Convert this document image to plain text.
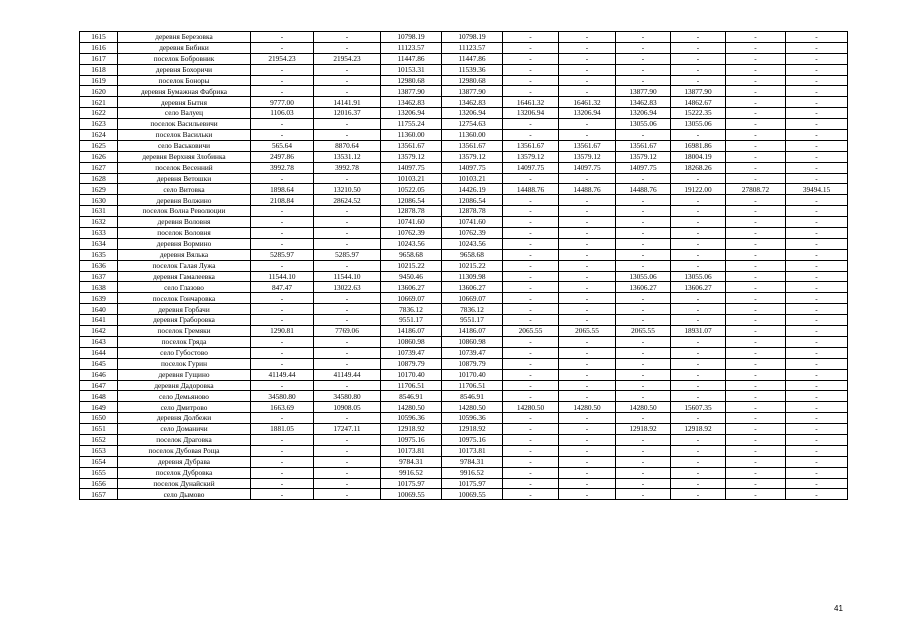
1615	деревня Березовка	-	-	10798.19	10798.19	-	-	-	-	-	-
1616	деревня Бибики	-	-	11123.57	11123.57	-	-	-	-	-	-
1617	поселок Бобровник	21954.23	21954.23	11447.86	11447.86	-	-	-	-	-	-
1618	деревня Бохоричи	-	-	10153.31	11539.36	-	-	-	-	-	-
1619	поселок Боноры	-	-	12980.68	12980.68	-	-	-	-	-	-
1620	деревня Бумажная Фабрика	-	-	13877.90	13877.90	-	-	13877.90	13877.90	-	-
1621	деревня Бытня	9777.00	14141.91	13462.83	13462.83	16461.32	16461.32	13462.83	14862.67	-	-
1622	село Валуец	1106.03	12016.37	13206.94	13206.94	13206.94	13206.94	13206.94	15222.35	-	-
1623	поселок Васильевичи	-	-	11755.24	12754.63	-	-	13055.06	13055.06	-	-
1624	поселок Васильки	-	-	11360.00	11360.00	-	-	-	-	-	-
1625	село Васьковичи	565.64	8870.64	13561.67	13561.67	13561.67	13561.67	13561.67	16981.86	-	-
1626	деревня Верхняя Злобинка	2497.86	13531.12	13579.12	13579.12	13579.12	13579.12	13579.12	18004.19	-	-
1627	поселок Весенний	3992.78	3992.78	14097.75	14097.75	14097.75	14097.75	14097.75	18268.26	-	-
1628	деревня Ветошки	-	-	10103.21	10103.21	-	-	-	-	-	-
1629	село Витовка	1898.64	13210.50	10522.05	14426.19	14488.76	14488.76	14488.76	19122.00	27808.72	39494.15
1630	деревня Волжино	2108.84	28624.52	12086.54	12086.54	-	-	-	-	-	-
1631	поселок Волна Революции	-	-	12878.78	12878.78	-	-	-	-	-	-
1632	деревня Воловня	-	-	10741.60	10741.60	-	-	-	-	-	-
1633	поселок Воловня	-	-	10762.39	10762.39	-	-	-	-	-	-
1634	деревня Вормино	-	-	10243.56	10243.56	-	-	-	-	-	-
1635	деревня Вялька	5285.97	5285.97	9658.68	9658.68	-	-	-	-	-	-
1636	поселок Галая Лужа	-	-	10215.22	10215.22	-	-	-	-	-	-
1637	деревня Гамалеевка	11544.10	11544.10	9450.46	11309.98	-	-	13055.06	13055.06	-	-
1638	село Глазово	847.47	13022.63	13606.27	13606.27	-	-	13606.27	13606.27	-	-
1639	поселок Гончаровка	-	-	10669.07	10669.07	-	-	-	-	-	-
1640	деревня Горбачи	-	-	7836.12	7836.12	-	-	-	-	-	-
1641	деревня Граборовка	-	-	9551.17	9551.17	-	-	-	-	-	-
1642	поселок Гремяки	1290.81	7769.06	14186.07	14186.07	2065.55	2065.55	2065.55	18931.07	-	-
1643	поселок Гряда	-	-	10860.98	10860.98	-	-	-	-	-	-
1644	село Губостово	-	-	10739.47	10739.47	-	-	-	-	-	-
1645	поселок Гурин	-	-	10879.79	10879.79	-	-	-	-	-	-
1646	деревня Гущино	41149.44	41149.44	10170.40	10170.40	-	-	-	-	-	-
1647	деревня Дадоровка	-	-	11706.51	11706.51	-	-	-	-	-	-
1648	село Демьяново	34580.80	34580.80	8546.91	8546.91	-	-	-	-	-	-
1649	село Дмитрово	1663.69	10908.05	14280.50	14280.50	14280.50	14280.50	14280.50	15607.35	-	-
1650	деревня Долбежи	-	-	10596.36	10596.36	-	-	-	-	-	-
1651	село Доманичи	1881.05	17247.11	12918.92	12918.92	-	-	12918.92	12918.92	-	-
1652	поселок Драговка	-	-	10975.16	10975.16	-	-	-	-	-	-
1653	поселок Дубовая Роща	-	-	10173.81	10173.81	-	-	-	-	-	-
1654	деревня Дубрава	-	-	9784.31	9784.31	-	-	-	-	-	-
1655	поселок Дубровка	-	-	9916.52	9916.52	-	-	-	-	-	-
1656	поселок Дунайский	-	-	10175.97	10175.97	-	-	-	-	-	-
1657	село Дымово	-	-	10069.55	10069.55	-	-	-	-	-	-
41
